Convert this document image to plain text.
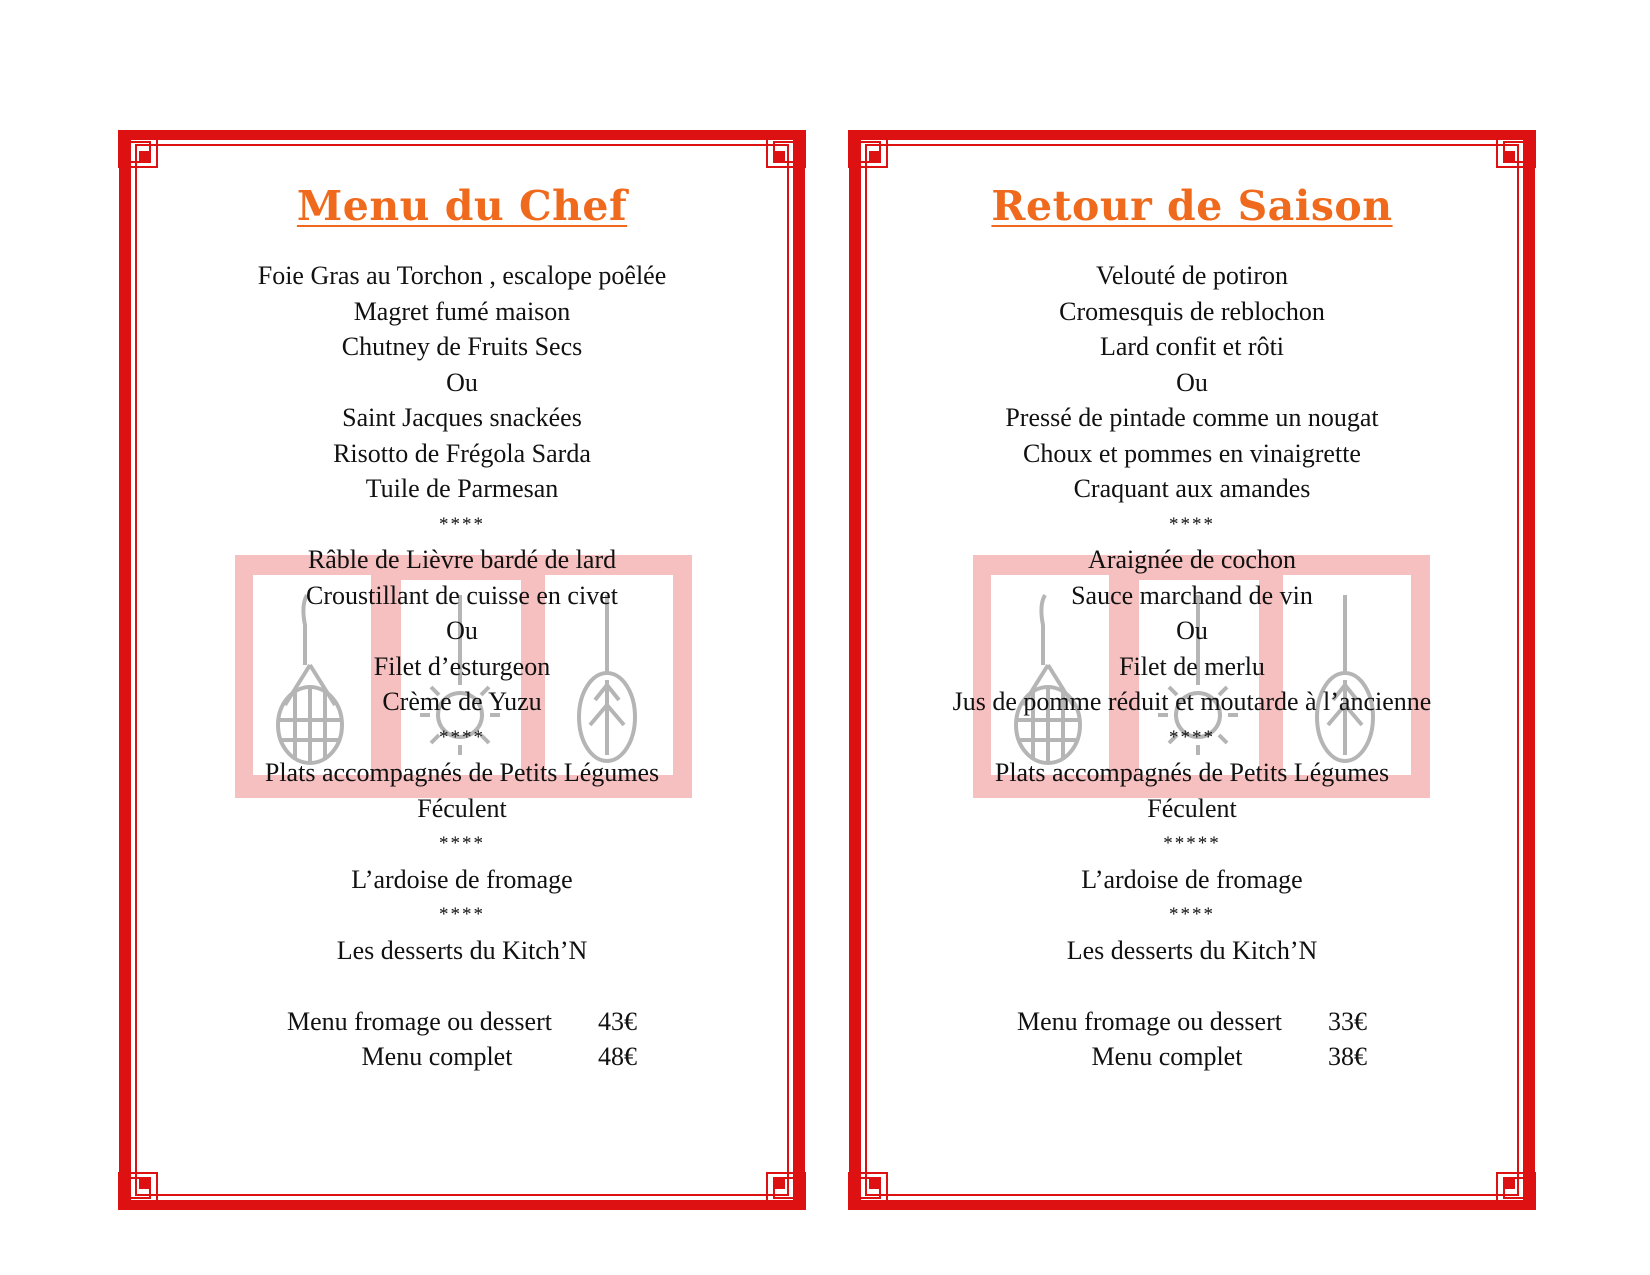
Menu du Chef
Foie Gras au Torchon , escalope poêlée
Magret fumé maison
Chutney de Fruits Secs
Ou
Saint Jacques snackées
Risotto de Frégola Sarda
Tuile de Parmesan
****
Râble de Lièvre bardé de lard
Croustillant de cuisse en civet
Ou
Filet d’esturgeon
Crème de Yuzu
****
Plats accompagnés de Petits Légumes
Féculent
****
L’ardoise de fromage
****
Les desserts du Kitch’N
Menu fromage ou dessert	43€
Menu complet	48€
Retour de Saison
Velouté de potiron
Cromesquis de reblochon
Lard confit et rôti
Ou
Pressé de pintade comme un nougat
Choux et pommes en vinaigrette
Craquant aux amandes
****
Araignée de cochon
Sauce marchand de vin
Ou
Filet de merlu
Jus de pomme réduit et moutarde à l’ancienne
****
Plats accompagnés de Petits Légumes
Féculent
*****
L’ardoise de fromage
****
Les desserts du Kitch’N
Menu fromage ou dessert	33€
Menu complet	38€
